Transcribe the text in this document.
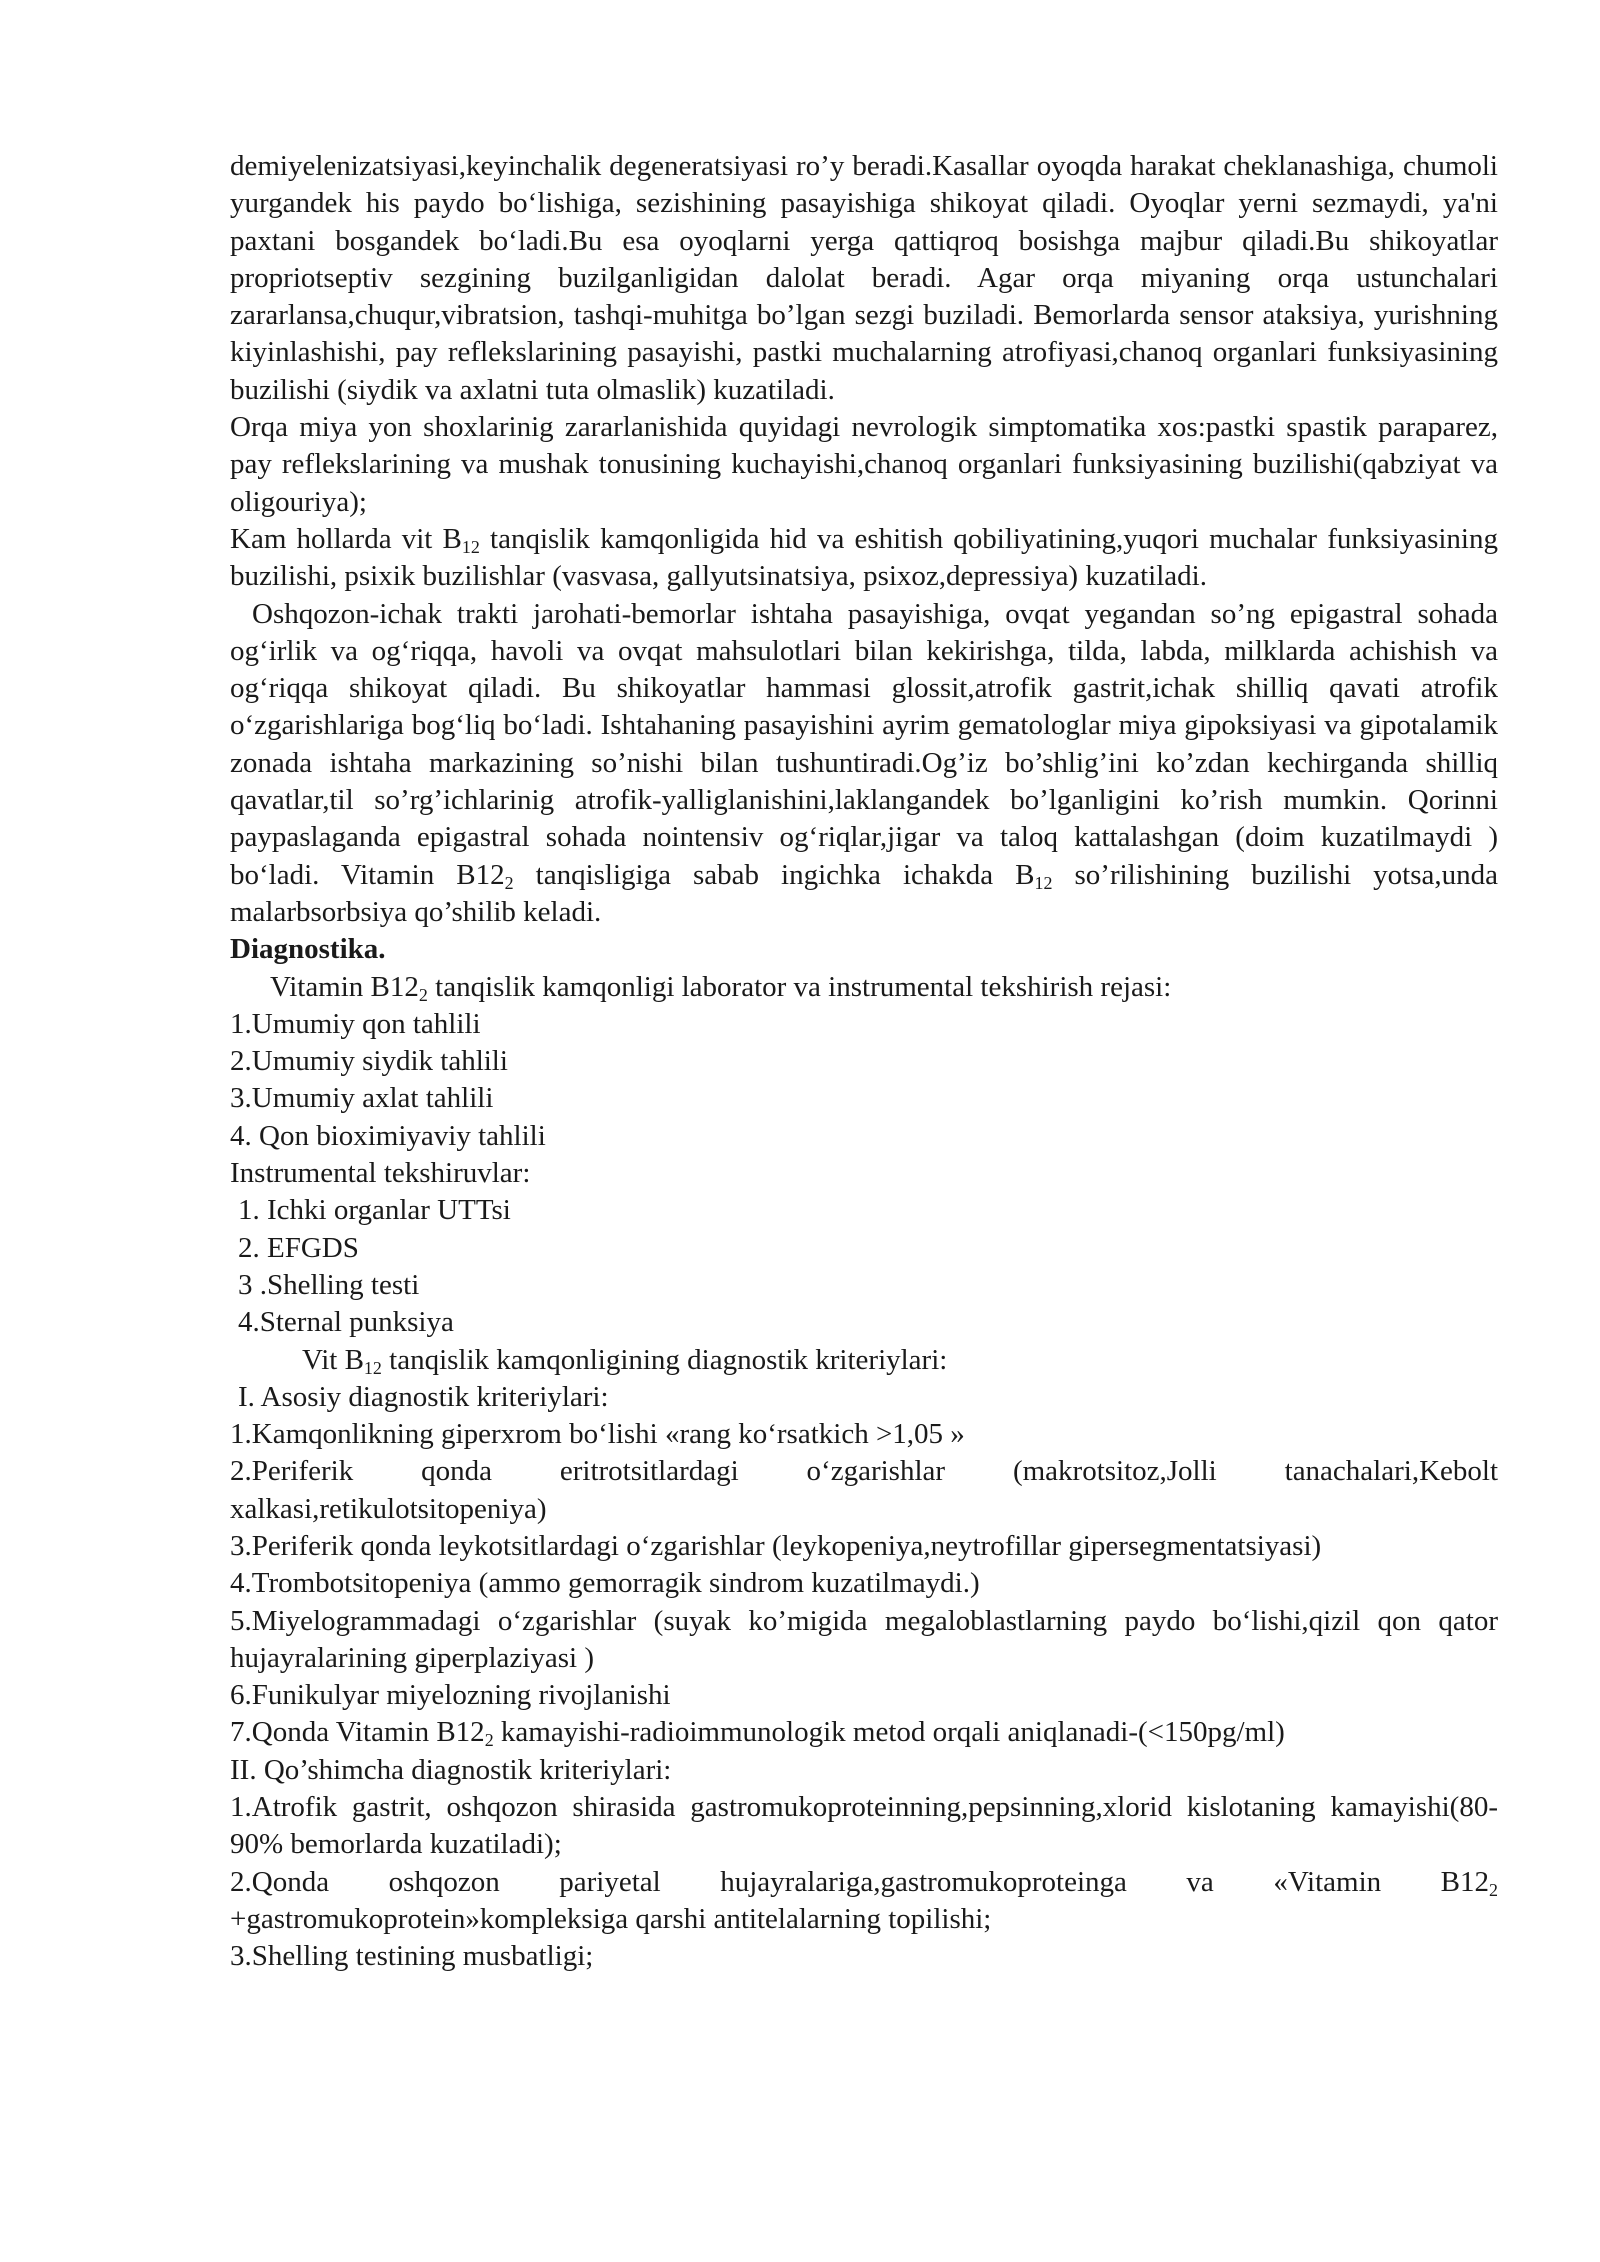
demiyelenizatsiyasi,keyinchalik degeneratsiyasi ro’y beradi.Kasallar oyoqda harakat cheklanashiga, chumoli yurgandek his paydo bo‘lishiga, sezishining pasayishiga shikoyat qiladi. Oyoqlar yerni sezmaydi, ya'ni paxtani bosgandek bo‘ladi.Bu esa oyoqlarni yerga qattiqroq bosishga majbur qiladi.Bu shikoyatlar propriotseptiv sezgining buzilganligidan dalolat beradi. Agar orqa miyaning orqa ustunchalari zararlansa,chuqur,vibratsion, tashqi-muhitga bo’lgan sezgi buziladi. Bemorlarda sensor ataksiya, yurishning kiyinlashishi, pay reflekslarining pasayishi, pastki muchalarning atrofiyasi,chanoq organlari funksiyasining buzilishi (siydik va axlatni tuta olmaslik) kuzatiladi.

Orqa miya yon shoxlarinig zararlanishida quyidagi nevrologik simptomatika xos:pastki spastik paraparez, pay reflekslarining va mushak tonusining kuchayishi,chanoq organlari funksiyasining buzilishi(qabziyat va oligouriya);

Kam hollarda vit $B_{12}$ tanqislik kamqonligida hid va eshitish qobiliyatining,yuqori muchalar funksiyasining buzilishi, psixik buzilishlar (vasvasa, gallyutsinatsiya, psixoz,depressiya) kuzatiladi.

Oshqozon-ichak trakti jarohati-bemorlar ishtaha pasayishiga, ovqat yegandan so’ng epigastral sohada og‘irlik va og‘riqqa, havoli va ovqat mahsulotlari bilan kekirishga, tilda, labda, milklarda achishish va og‘riqqa shikoyat qiladi. Bu shikoyatlar hammasi glossit,atrofik gastrit,ichak shilliq qavati atrofik o‘zgarishlariga bog‘liq bo‘ladi. Ishtahaning pasayishini ayrim gematologlar miya gipoksiyasi va gipotalamik zonada ishtaha markazining so’nishi bilan tushuntiradi.Og’iz bo’shlig’ini ko’zdan kechirganda shilliq qavatlar,til so’rg’ichlarinig atrofik-yalliglanishini,laklangandek bo’lganligini ko’rish mumkin. Qorinni paypaslaganda epigastral sohada nointensiv og‘riqlar,jigar va taloq kattalashgan (doim kuzatilmaydi ) bo‘ladi. Vitamin $B12_2$ tanqisligiga sabab ingichka ichakda $B_{12}$ so’rilishining buzilishi yotsa,unda malarbsorbsiya qo’shilib keladi.

Diagnostika.

Vitamin $B12_2$ tanqislik kamqonligi laborator va instrumental tekshirish rejasi:

1.Umumiy qon tahlili

2.Umumiy siydik tahlili

3.Umumiy axlat tahlili

4. Qon bioximiyaviy tahlili

Instrumental tekshiruvlar:

1. Ichki organlar UTTsi

2. EFGDS

3 .Shelling testi

4.Sternal punksiya

Vit $B_{12}$ tanqislik kamqonligining diagnostik kriteriylari:

I. Asosiy diagnostik kriteriylari:

1.Kamqonlikning giperxrom bo‘lishi «rang ko‘rsatkich >1,05 »

2.Periferik qonda eritrotsitlardagi o‘zgarishlar (makrotsitoz,Jolli tanachalari,Kebolt xalkasi,retikulotsitopeniya)

3.Periferik qonda leykotsitlardagi o‘zgarishlar (leykopeniya,neytrofillar gipersegmentatsiyasi)

4.Trombotsitopeniya (ammo gemorragik sindrom kuzatilmaydi.)

5.Miyelogrammadagi o‘zgarishlar (suyak ko’migida megaloblastlarning paydo bo‘lishi,qizil qon qator hujayralarining giperplaziyasi )

6.Funikulyar miyelozning rivojlanishi

7.Qonda Vitamin $B12_2$ kamayishi-radioimmunologik metod orqali aniqlanadi-(<150pg/ml)

II. Qo’shimcha diagnostik kriteriylari:

1.Atrofik gastrit, oshqozon shirasida gastromukoproteinning,pepsinning,xlorid kislotaning kamayishi(80-90% bemorlarda kuzatiladi);

2.Qonda oshqozon pariyetal hujayralariga,gastromukoproteinga va «Vitamin $B12_2$ +gastromukoprotein»kompleksiga qarshi antitelalarning topilishi;

3.Shelling testining musbatligi;
